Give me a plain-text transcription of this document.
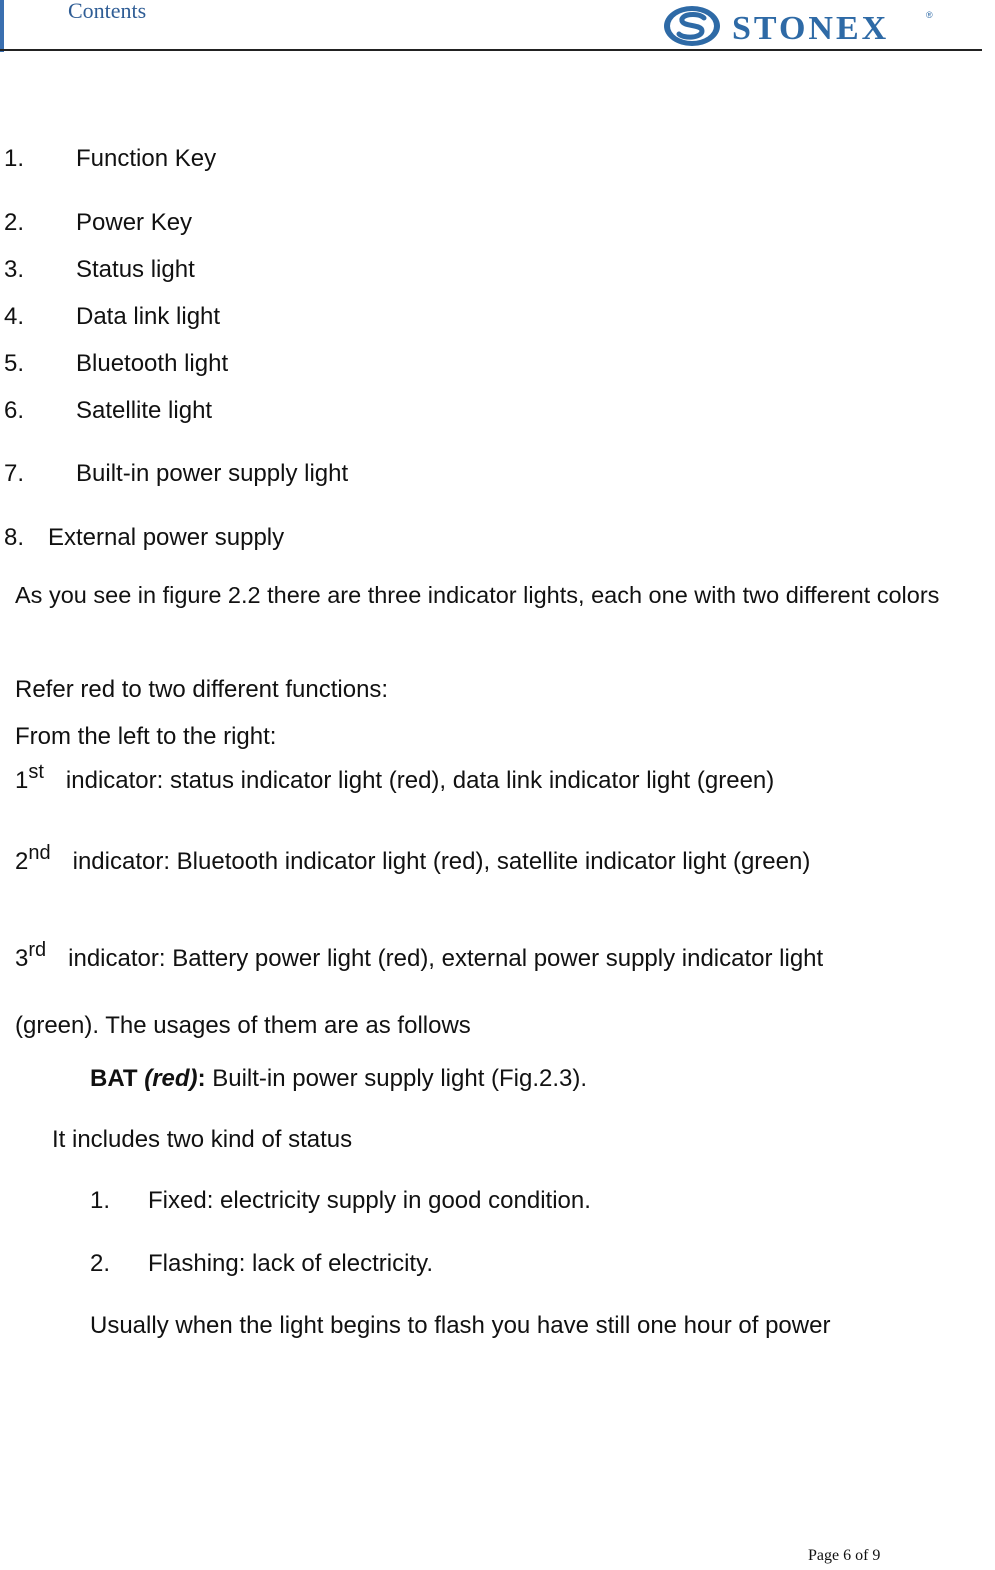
Contents	STONEX	®
1. Function Key
2. Power Key
3. Status light
4. Data link light
5. Bluetooth light
6. Satellite light
7. Built-in power supply light
8. External power supply
As you see in figure 2.2 there are three indicator lights, each one with two different colors
Refer red to two different functions:
From the left to the right:
1st indicator: status indicator light (red), data link indicator light (green)
2nd indicator: Bluetooth indicator light (red), satellite indicator light (green)
3rd indicator: Battery power light (red), external power supply indicator light
(green). The usages of them are as follows
BAT (red): Built-in power supply light (Fig.2.3).
It includes two kind of status
1. Fixed: electricity supply in good condition.
2. Flashing: lack of electricity.
Usually when the light begins to flash you have still one hour of power
Page 6 of 9
